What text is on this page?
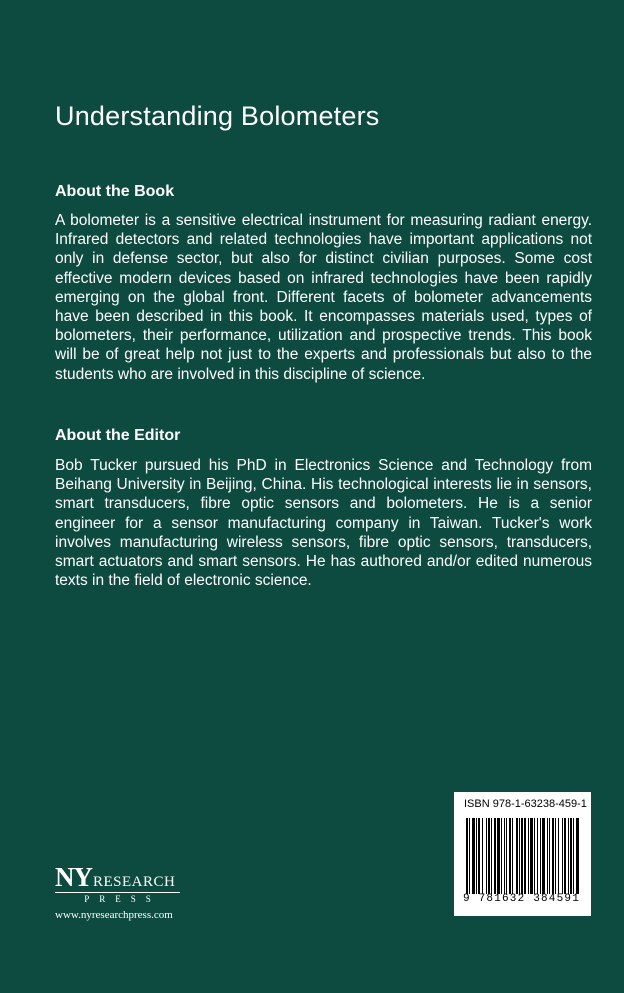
Understanding Bolometers
About the Book

A bolometer is a sensitive electrical instrument for measuring radiant energy. Infrared detectors and related technologies have important applications not only in defense sector, but also for distinct civilian purposes. Some cost effective modern devices based on infrared technologies have been rapidly emerging on the global front. Different facets of bolometer advancements have been described in this book. It encompasses materials used, types of bolometers, their performance, utilization and prospective trends. This book will be of great help not just to the experts and professionals but also to the students who are involved in this discipline of science.

About the Editor

Bob Tucker pursued his PhD in Electronics Science and Technology from Beihang University in Beijing, China. His technological interests lie in sensors, smart transducers, fibre optic sensors and bolometers. He is a senior engineer for a sensor manufacturing company in Taiwan. Tucker's work involves manufacturing wireless sensors, fibre optic sensors, transducers, smart actuators and smart sensors. He has authored and/or edited numerous texts in the field of electronic science.

NY RESEARCH
PRESS
www.nyresearchpress.com
ISBN 978-1-63238-459-1
9 781632 384591
